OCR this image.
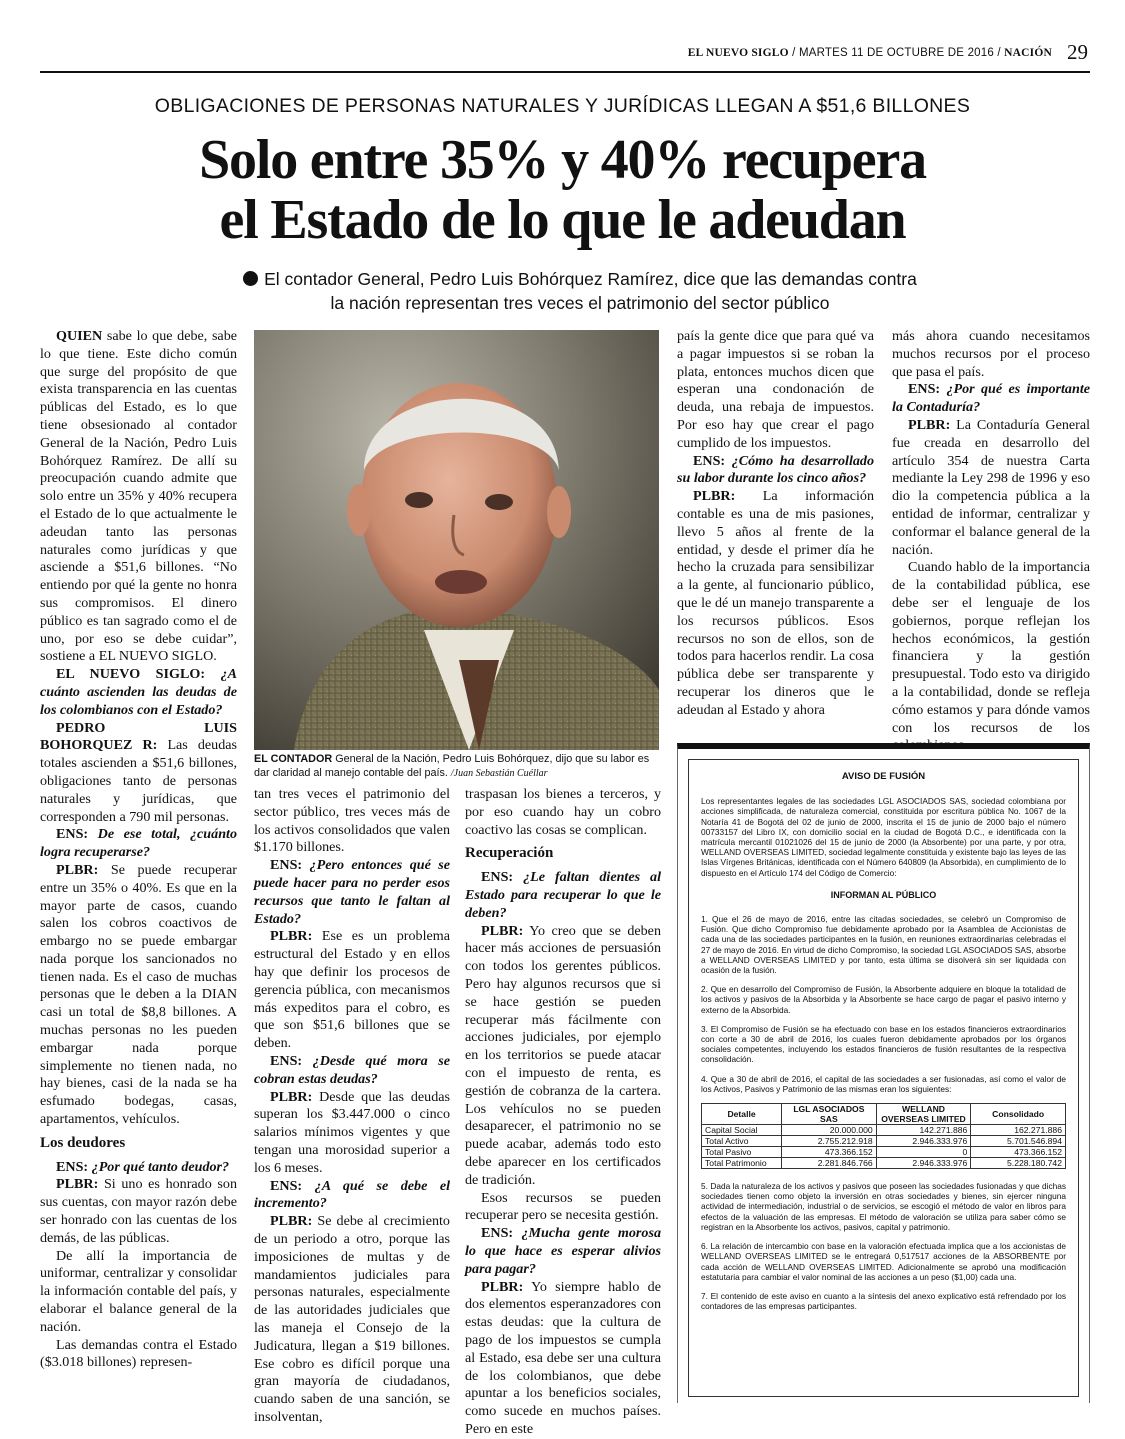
EL NUEVO SIGLO / MARTES 11 DE OCTUBRE DE 2016 / NACIÓN 29
OBLIGACIONES DE PERSONAS NATURALES Y JURÍDICAS LLEGAN A $51,6 BILLONES
Solo entre 35% y 40% recupera
el Estado de lo que le adeudan
El contador General, Pedro Luis Bohórquez Ramírez, dice que las demandas contra
la nación representan tres veces el patrimonio del sector público

QUIEN sabe lo que debe, sabe lo que tiene. Este dicho común que surge del propósito de que exista transparencia en las cuentas públicas del Estado, es lo que tiene obsesionado al contador General de la Nación, Pedro Luis Bohórquez Ramírez. De allí su preocupación cuando admite que solo entre un 35% y 40% recupera el Estado de lo que actualmente le adeudan tanto las personas naturales como jurídicas y que asciende a $51,6 billones. “No entiendo por qué la gente no honra sus compromisos. El dinero público es tan sagrado como el de uno, por eso se debe cuidar”, sostiene a EL NUEVO SIGLO.

EL NUEVO SIGLO: ¿A cuánto ascienden las deudas de los colombianos con el Estado?

PEDRO LUIS BOHORQUEZ R: Las deudas totales ascienden a $51,6 billones, obligaciones tanto de personas naturales y jurídicas, que corresponden a 790 mil personas.

ENS: De ese total, ¿cuánto logra recuperarse?

PLBR: Se puede recuperar entre un 35% o 40%. Es que en la mayor parte de casos, cuando salen los cobros coactivos de embargo no se puede embargar nada porque los sancionados no tienen nada. Es el caso de muchas personas que le deben a la DIAN casi un total de $8,8 billones. A muchas personas no les pueden embargar nada porque simplemente no tienen nada, no hay bienes, casi de la nada se ha esfumado bodegas, casas, apartamentos, vehículos.

Los deudores

ENS: ¿Por qué tanto deudor?

PLBR: Si uno es honrado son sus cuentas, con mayor razón debe ser honrado con las cuentas de los demás, de las públicas.

De allí la importancia de uniformar, centralizar y consolidar la información contable del país, y elaborar el balance general de la nación.

Las demandas contra el Estado ($3.018 billones) represen-

EL CONTADOR General de la Nación, Pedro Luis Bohórquez, dijo que su labor es dar claridad al manejo contable del país. /Juan Sebastián Cuéllar

tan tres veces el patrimonio del sector público, tres veces más de los activos consolidados que valen $1.170 billones.

ENS: ¿Pero entonces qué se puede hacer para no perder esos recursos que tanto le faltan al Estado?

PLBR: Ese es un problema estructural del Estado y en ellos hay que definir los procesos de gerencia pública, con mecanismos más expeditos para el cobro, es que son $51,6 billones que se deben.

ENS: ¿Desde qué mora se cobran estas deudas?

PLBR: Desde que las deudas superan los $3.447.000 o cinco salarios mínimos vigentes y que tengan una morosidad superior a los 6 meses.

ENS: ¿A qué se debe el incremento?

PLBR: Se debe al crecimiento de un periodo a otro, porque las imposiciones de multas y de mandamientos judiciales para personas naturales, especialmente de las autoridades judiciales que las maneja el Consejo de la Judicatura, llegan a $19 billones. Ese cobro es difícil porque una gran mayoría de ciudadanos, cuando saben de una sanción, se insolventan,

traspasan los bienes a terceros, y por eso cuando hay un cobro coactivo las cosas se complican.

Recuperación

ENS: ¿Le faltan dientes al Estado para recuperar lo que le deben?

PLBR: Yo creo que se deben hacer más acciones de persuasión con todos los gerentes públicos. Pero hay algunos recursos que si se hace gestión se pueden recuperar más fácilmente con acciones judiciales, por ejemplo en los territorios se puede atacar con el impuesto de renta, es gestión de cobranza de la cartera. Los vehículos no se pueden desaparecer, el patrimonio no se puede acabar, además todo esto debe aparecer en los certificados de tradición.

Esos recursos se pueden recuperar pero se necesita gestión.

ENS: ¿Mucha gente morosa lo que hace es esperar alivios para pagar?

PLBR: Yo siempre hablo de dos elementos esperanzadores con estas deudas: que la cultura de pago de los impuestos se cumpla al Estado, esa debe ser una cultura de los colombianos, que debe apuntar a los beneficios sociales, como sucede en muchos países. Pero en este

país la gente dice que para qué va a pagar impuestos si se roban la plata, entonces muchos dicen que esperan una condonación de deuda, una rebaja de impuestos. Por eso hay que crear el pago cumplido de los impuestos.

ENS: ¿Cómo ha desarrollado su labor durante los cinco años?

PLBR: La información contable es una de mis pasiones, llevo 5 años al frente de la entidad, y desde el primer día he hecho la cruzada para sensibilizar a la gente, al funcionario público, que le dé un manejo transparente a los recursos públicos. Esos recursos no son de ellos, son de todos para hacerlos rendir. La cosa pública debe ser transparente y recuperar los dineros que le adeudan al Estado y ahora

más ahora cuando necesitamos muchos recursos por el proceso que pasa el país.

ENS: ¿Por qué es importante la Contaduría?

PLBR: La Contaduría General fue creada en desarrollo del artículo 354 de nuestra Carta mediante la Ley 298 de 1996 y eso dio la competencia pública a la entidad de informar, centralizar y conformar el balance general de la nación.

Cuando hablo de la importancia de la contabilidad pública, ese debe ser el lenguaje de los gobiernos, porque reflejan los hechos económicos, la gestión financiera y la gestión presupuestal. Todo esto va dirigido a la contabilidad, donde se refleja cómo estamos y para dónde vamos con los recursos de los colombianos.

AVISO DE FUSIÓN

Los representantes legales de las sociedades LGL ASOCIADOS SAS, sociedad colombiana por acciones simplificada, de naturaleza comercial, constituida por escritura pública No. 1067 de la Notaría 41 de Bogotá del 02 de junio de 2000, inscrita el 15 de junio de 2000 bajo el número 00733157 del Libro IX, con domicilio social en la ciudad de Bogotá D.C., e identificada con la matrícula mercantil 01021026 del 15 de junio de 2000 (la Absorbente) por una parte, y por otra, WELLAND OVERSEAS LIMITED, sociedad legalmente constituida y existente bajo las leyes de las Islas Vírgenes Británicas, identificada con el Número 640809 (la Absorbida), en cumplimiento de lo dispuesto en el Artículo 174 del Código de Comercio:

INFORMAN AL PÚBLICO

1. Que el 26 de mayo de 2016, entre las citadas sociedades, se celebró un Compromiso de Fusión. Que dicho Compromiso fue debidamente aprobado por la Asamblea de Accionistas de cada una de las sociedades participantes en la fusión, en reuniones extraordinarias celebradas el 27 de mayo de 2016. En virtud de dicho Compromiso, la sociedad LGL ASOCIADOS SAS, absorbe a WELLAND OVERSEAS LIMITED y por tanto, esta última se disolverá sin ser liquidada con ocasión de la fusión.

2. Que en desarrollo del Compromiso de Fusión, la Absorbente adquiere en bloque la totalidad de los activos y pasivos de la Absorbida y la Absorbente se hace cargo de pagar el pasivo interno y externo de la Absorbida.

3. El Compromiso de Fusión se ha efectuado con base en los estados financieros extraordinarios con corte a 30 de abril de 2016, los cuales fueron debidamente aprobados por los órganos sociales competentes, incluyendo los estados financieros de fusión resultantes de la respectiva consolidación.

4. Que a 30 de abril de 2016, el capital de las sociedades a ser fusionadas, así como el valor de los Activos, Pasivos y Patrimonio de las mismas eran los siguientes:

Detalle	LGL ASOCIADOS SAS	WELLAND OVERSEAS LIMITED	Consolidado
Capital Social	20.000.000	142.271.886	162.271.886
Total Activo	2.755.212.918	2.946.333.976	5.701.546.894
Total Pasivo	473.366.152	0	473.366.152
Total Patrimonio	2.281.846.766	2.946.333.976	5.228.180.742

5. Dada la naturaleza de los activos y pasivos que poseen las sociedades fusionadas y que dichas sociedades tienen como objeto la inversión en otras sociedades y bienes, sin ejercer ninguna actividad de intermediación, industrial o de servicios, se escogió el método de valor en libros para efectos de la valuación de las empresas. El método de valoración se utiliza para saber cómo se registran en la Absorbente los activos, pasivos, capital y patrimonio.

6. La relación de intercambio con base en la valoración efectuada implica que a los accionistas de WELLAND OVERSEAS LIMITED se le entregará 0,517517 acciones de la ABSORBENTE por cada acción de WELLAND OVERSEAS LIMITED. Adicionalmente se aprobó una modificación estatutaria para cambiar el valor nominal de las acciones a un peso ($1,00) cada una.

7. El contenido de este aviso en cuanto a la síntesis del anexo explicativo está refrendado por los contadores de las empresas participantes.
